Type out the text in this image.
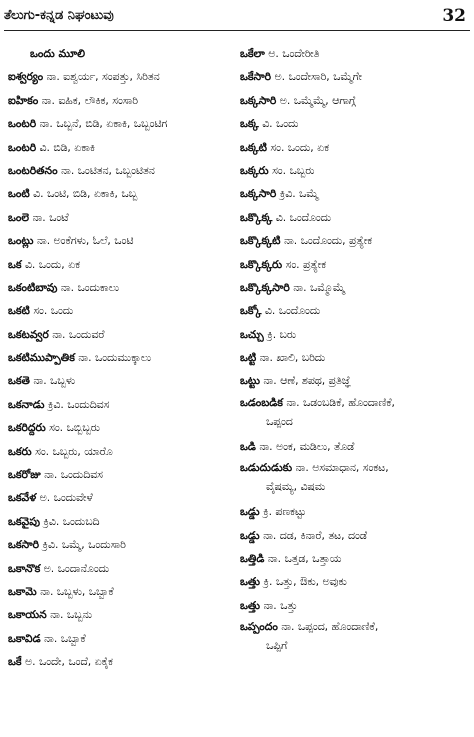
ತೆಲುಗು-ಕನ್ನಡ ನಿಘಂಟುವು	32
ఒందు మూలి
ఐశ్వర్యం ನಾ. ಐಶ್ವರ್ಯ, ಸಂಪತ್ತು, ಸಿರಿತನ
ఐహికం ನಾ. ಐಹಿಕ, ಲೌಕಿಕ, ಸಂಸಾರಿ
ఒంటరి ನಾ. ಒಬ್ಬನೆ, ಬಿಡಿ, ಏಕಾಕಿ, ಒಬ್ಬಂಟಿಗ
ఒంటరి ವಿ. ಬಿಡಿ, ಏಕಾಕಿ
ఒంటరితనం ನಾ. ಒಂಟಿತನ, ಒಬ್ಬಂಟಿತನ
ఒంటి ವಿ. ಒಂಟಿ, ಬಿಡಿ, ಏಕಾಕಿ, ಒಬ್ಬ
ఒంలె ನಾ. ಒಂಟೆ
ఒంట్లు ನಾ. ಅಂಕೆಗಳು, ಓಲೆ, ಒಂಟಿ
ఒక ವಿ. ಒಂದು, ಏಕ
ఒకంటిబావు ನಾ. ಒಂದುಕಾಲು
ఒకటి ಸಂ. ಒಂದು
ఒకటవ్వర ನಾ. ಒಂದುವರೆ
ఒకటిముప్పాతిక ನಾ. ಒಂದುಮುಕ್ಕಾಲು
ఒకతె ನಾ. ಒಬ್ಬಳು
ఒకనాడు ಕ್ರಿವಿ. ಒಂದುದಿವಸ
ఒకరిద్దరు ಸಂ. ಒಬ್ಬಿಬ್ಬರು
ఒకరు ಸಂ. ಒಬ್ಬರು, ಯಾರೊ
ఒకరోజు ನಾ. ಒಂದುದಿವಸ
ఒకవేళ ಅ. ಒಂದುವೇಳೆ
ఒకవైపు ಕ್ರಿವಿ. ಒಂದುಬದಿ
ఒకసారి ಕ್ರಿವಿ. ಒಮ್ಮೆ, ಒಂದುಸಾರಿ
ఒకానొక ಅ. ಒಂದಾನೊಂದು
ఒకామె ನಾ. ಒಬ್ಬಳು, ಒಬ್ಬಾಕೆ
ఒకాయన ನಾ. ಒಬ್ಬನು
ఒకావిడ ನಾ. ಒಬ್ಬಾಕೆ
ఒకే ಅ. ಒಂದೇ, ಒಂದೆ, ಏಕೈಕ
ఒకేలా ಅ. ಒಂದೇರೀತಿ
ఒకేసారి ಅ. ಒಂದೇಸಾರಿ, ಒಮ್ಮೆಗೇ
ఒక్కసారి ಅ. ಒಮ್ಮೆಮ್ಮೆ, ಆಗಾಗ್ಗೆ
ఒక్క ವಿ. ಒಂದು
ఒక్కటి ಸಂ. ಒಂದು, ಏಕ
ఒక్కరు ಸಂ. ಒಬ್ಬರು
ఒక్కసారి ಕ್ರಿವಿ. ಒಮ್ಮೆ
ఒక్కొక్క ವಿ. ಒಂದೊಂದು
ఒక్కొక్కటి ನಾ. ಒಂದೊಂದು, ಪ್ರತ್ಯೇಕ
ఒక్కొక్కరు ಸಂ. ಪ್ರತ್ಯೇಕ
ఒక్కొక్కసారి ನಾ. ಒಮ್ಮೊಮ್ಮೆ
ఒక్కో ವಿ. ಒಂದೊಂದು
ఒచ్చు ಕ್ರಿ. ಬರು
ఒట్టి ನಾ. ಖಾಲಿ, ಬರಿದು
ఒట్టు ನಾ. ಆಣೆ, ಶಪಥ, ಪ್ರತಿಜ್ಞೆ
ఒడంబడిక ನಾ. ಒಡಂಬಡಿಕೆ, ಹೊಂದಾಣಿಕೆ,
ಒಪ್ಪಂದ
ఒడి ನಾ. ಅಂಕ, ಮಡಿಲು, ತೊಡೆ
ఒడుదుడుకు ನಾ. ಅಸಮಾಧಾನ, ಸಂಕಟ,
ವೈಷಮ್ಯ, ವಿಷಮ
ఒడ్డు ಕ್ರಿ. ಪಣಕಟ್ಟು
ఒడ్డు ನಾ. ದಡ, ಕಿನಾರೆ, ತಟ, ದಂಡೆ
ఒత్తిడి ನಾ. ಒತ್ತಡ, ಒತ್ತಾಯ
ఒత్తు ಕ್ರಿ. ಒತ್ತು, ಔಕು, ಅವುಕು
ఒత్తు ನಾ. ಒತ್ತು
ఒప్పందం ನಾ. ಒಪ್ಪಂದ, ಹೊಂದಾಣಿಕೆ,
ಒಪ್ಪಿಗೆ
